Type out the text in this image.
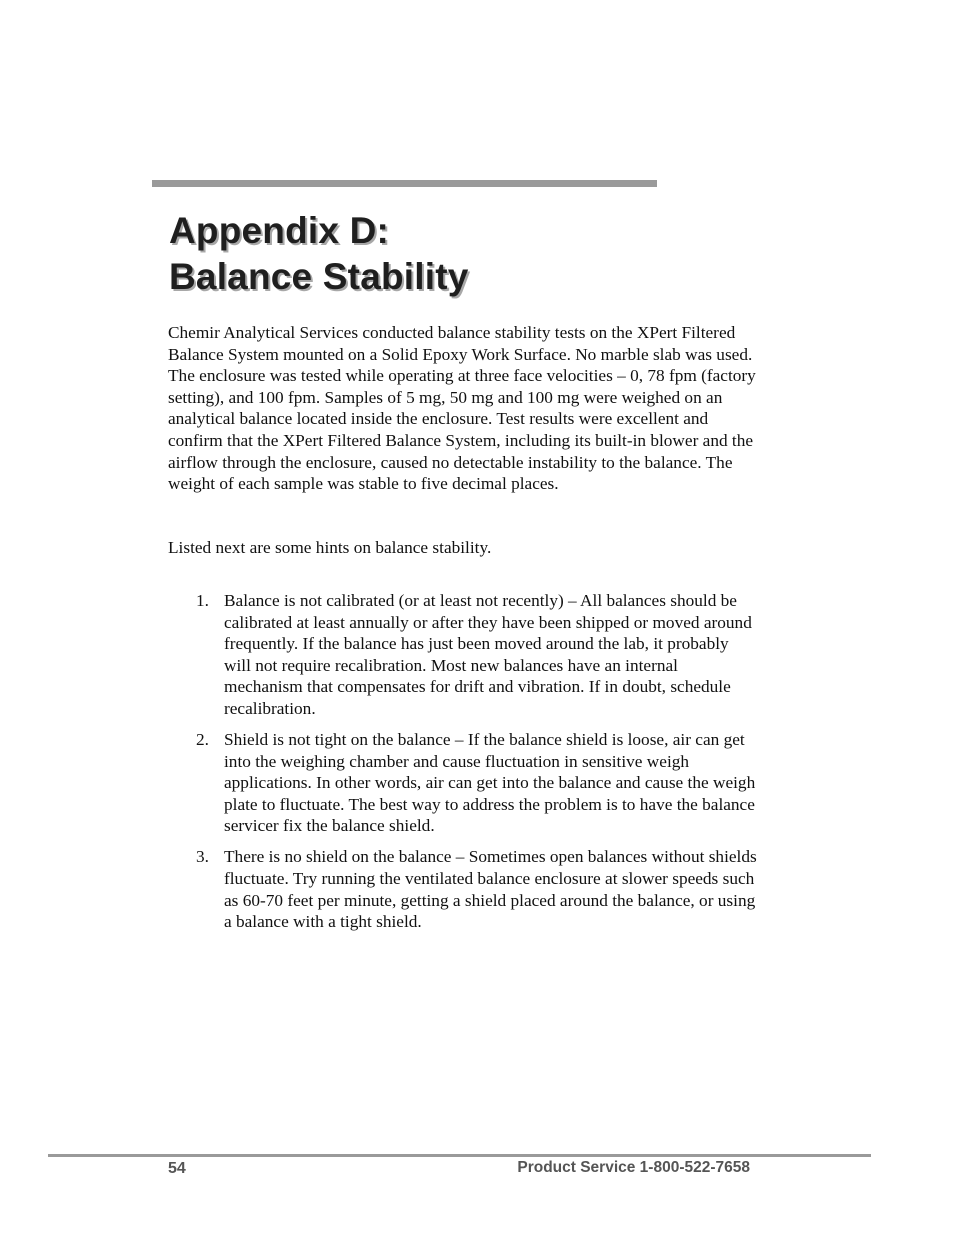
Appendix D:
Balance Stability

Chemir Analytical Services conducted balance stability tests on the XPert Filtered Balance System mounted on a Solid Epoxy Work Surface. No marble slab was used. The enclosure was tested while operating at three face velocities – 0, 78 fpm (factory setting), and 100 fpm. Samples of 5 mg, 50 mg and 100 mg were weighed on an analytical balance located inside the enclosure. Test results were excellent and confirm that the XPert Filtered Balance System, including its built-in blower and the airflow through the enclosure, caused no detectable instability to the balance. The weight of each sample was stable to five decimal places.

Listed next are some hints on balance stability.

1. Balance is not calibrated (or at least not recently) – All balances should be calibrated at least annually or after they have been shipped or moved around frequently. If the balance has just been moved around the lab, it probably will not require recalibration. Most new balances have an internal mechanism that compensates for drift and vibration. If in doubt, schedule recalibration.
2. Shield is not tight on the balance – If the balance shield is loose, air can get into the weighing chamber and cause fluctuation in sensitive weigh applications. In other words, air can get into the balance and cause the weigh plate to fluctuate. The best way to address the problem is to have the balance servicer fix the balance shield.
3. There is no shield on the balance – Sometimes open balances without shields fluctuate. Try running the ventilated balance enclosure at slower speeds such as 60-70 feet per minute, getting a shield placed around the balance, or using a balance with a tight shield.
54	Product Service 1-800-522-7658
